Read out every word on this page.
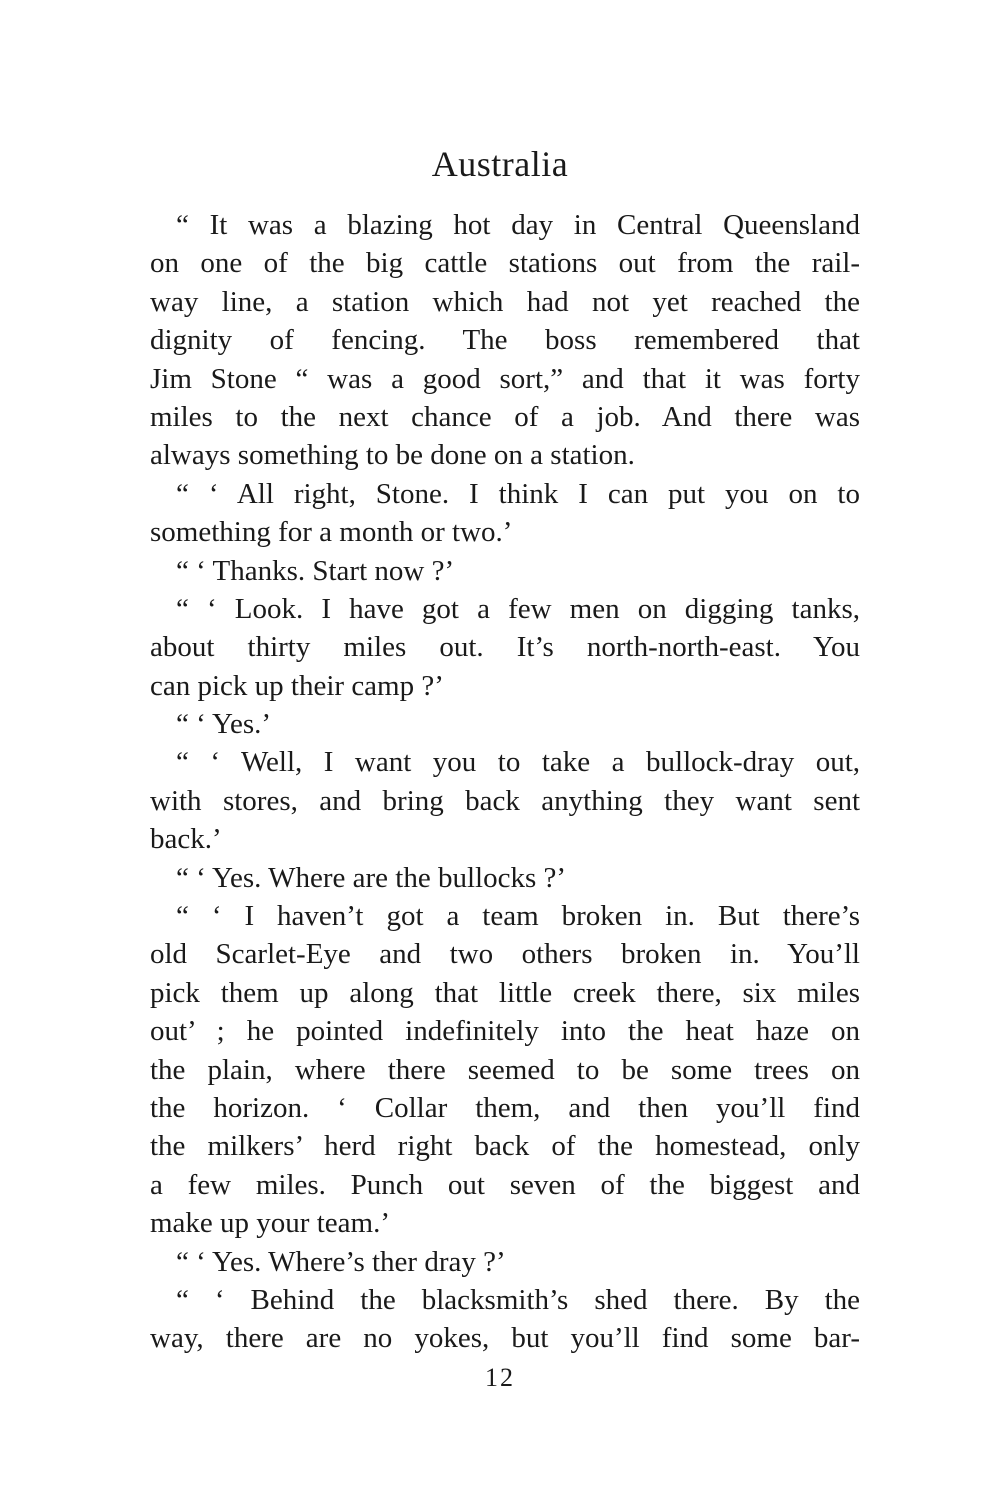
Australia
“ It was a blazing hot day in Central Queensland
on one of the big cattle stations out from the rail-
way line, a station which had not yet reached the
dignity of fencing. The boss remembered that
Jim Stone “ was a good sort,” and that it was forty
miles to the next chance of a job. And there was
always something to be done on a station.
“ ‘ All right, Stone. I think I can put you on to
something for a month or two.’
“ ‘ Thanks. Start now ?’
“ ‘ Look. I have got a few men on digging tanks,
about thirty miles out. It’s north-north-east. You
can pick up their camp ?’
“ ‘ Yes.’
“ ‘ Well, I want you to take a bullock-dray out,
with stores, and bring back anything they want sent
back.’
“ ‘ Yes. Where are the bullocks ?’
“ ‘ I haven’t got a team broken in. But there’s
old Scarlet-Eye and two others broken in. You’ll
pick them up along that little creek there, six miles
out’ ; he pointed indefinitely into the heat haze on
the plain, where there seemed to be some trees on
the horizon. ‘ Collar them, and then you’ll find
the milkers’ herd right back of the homestead, only
a few miles. Punch out seven of the biggest and
make up your team.’
“ ‘ Yes. Where’s ther dray ?’
“ ‘ Behind the blacksmith’s shed there. By the
way, there are no yokes, but you’ll find some bar-
12
